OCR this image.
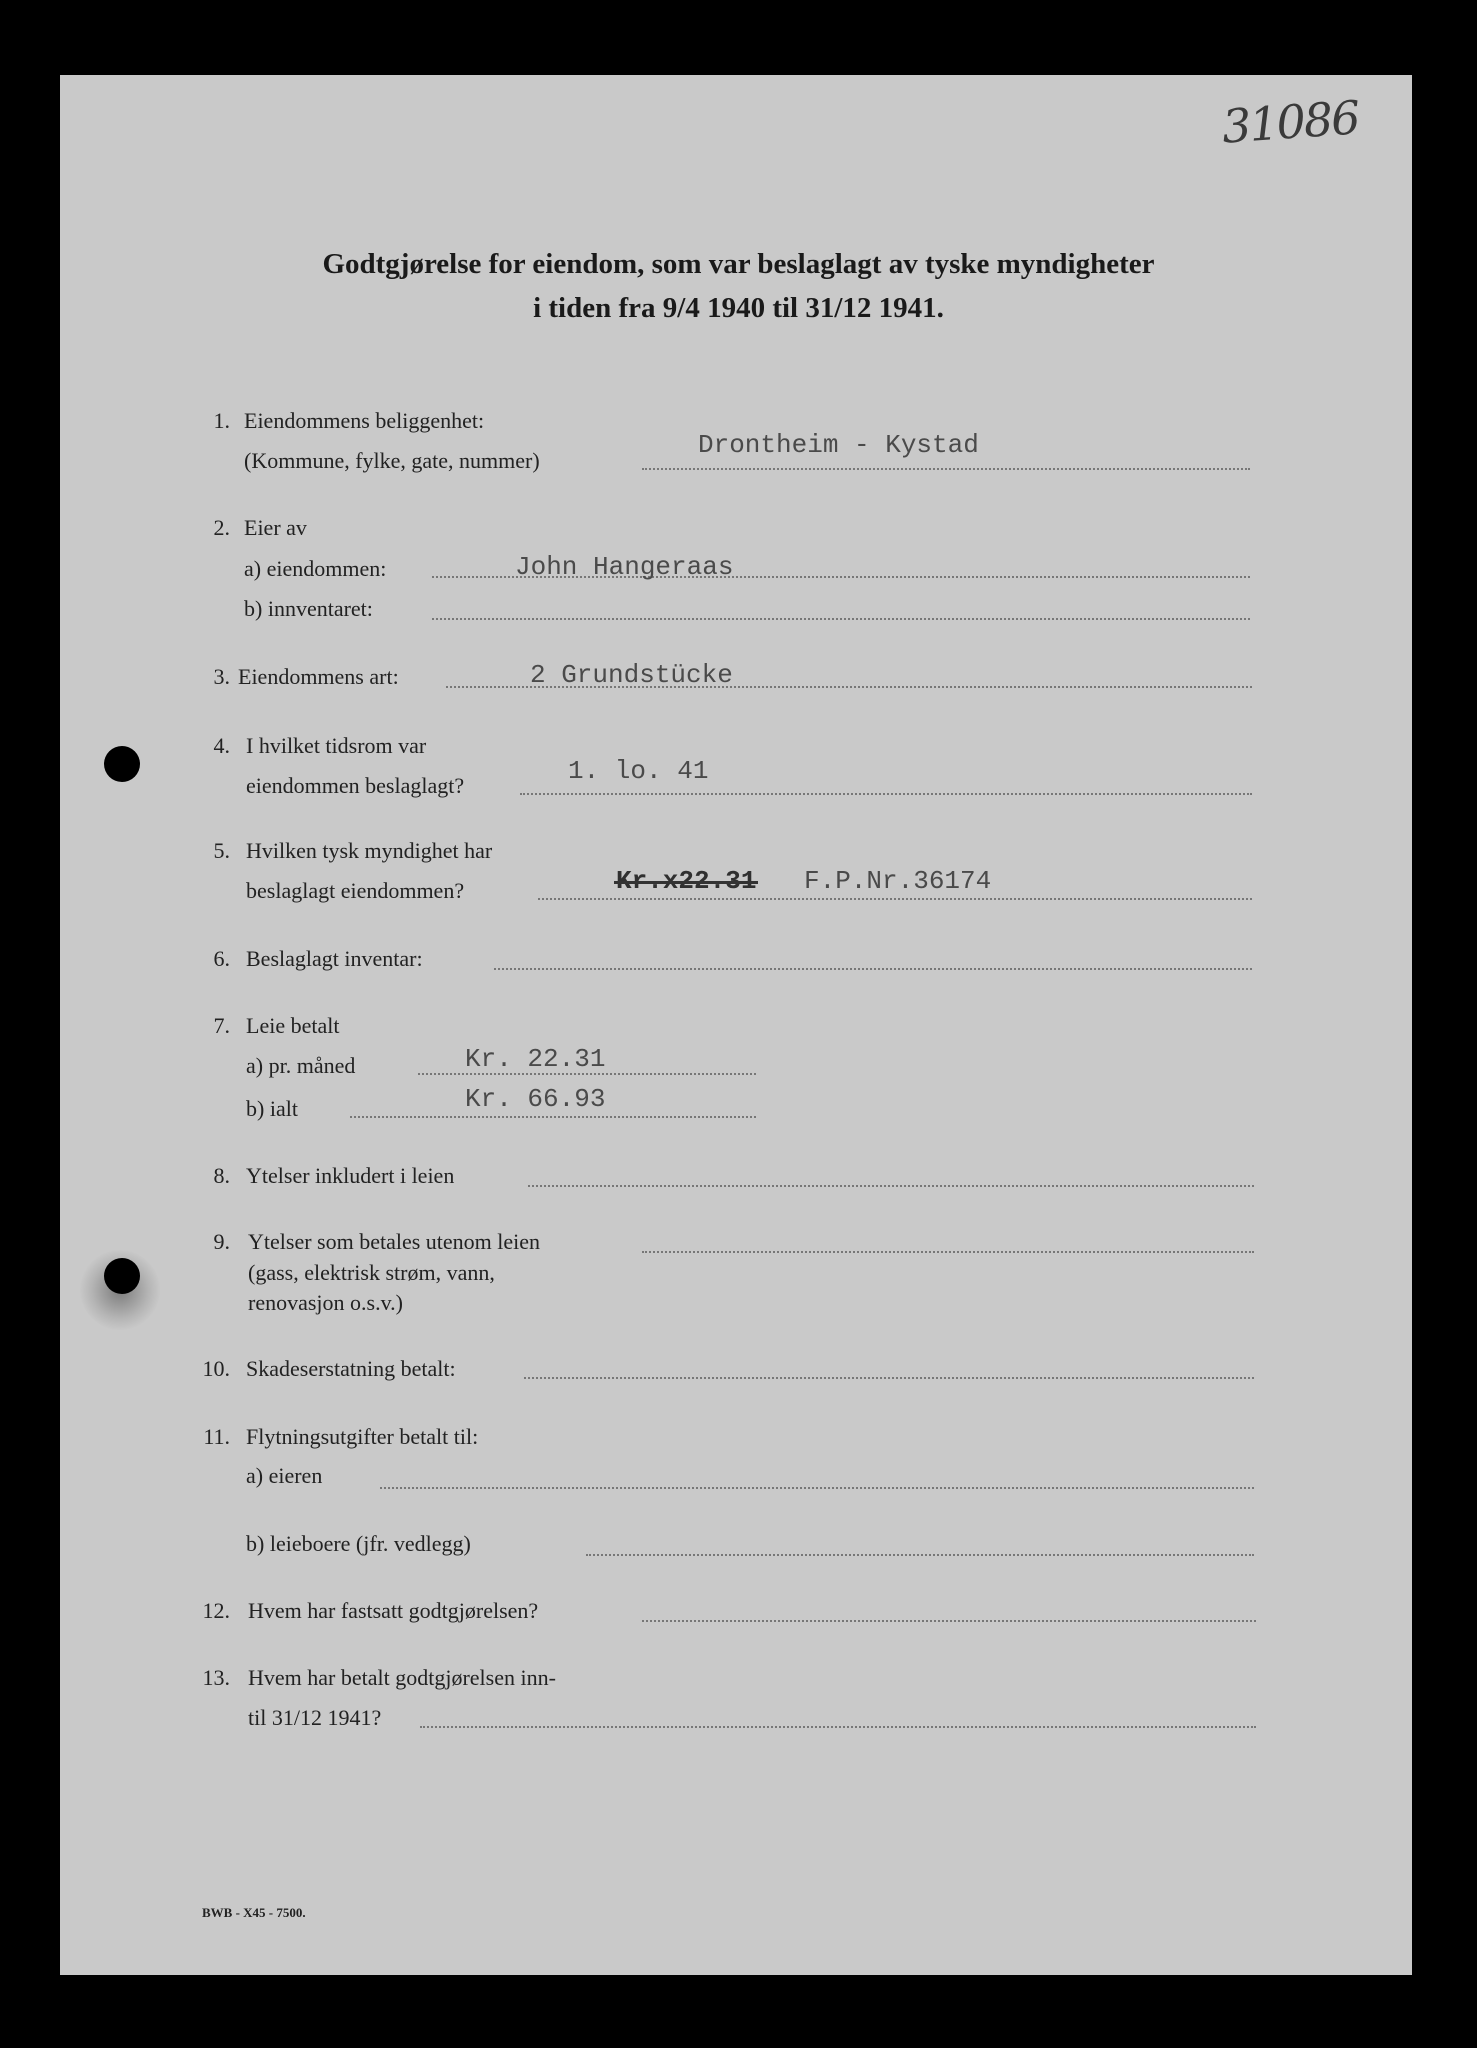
31086
Godtgjørelse for eiendom, som var beslaglagt av tyske myndigheter
i tiden fra 9/4 1940 til 31/12 1941.
1. Eiendommens beliggenhet:
(Kommune, fylke, gate, nummer)
Drontheim - Kystad
2. Eier av
a) eiendommen:	John Hangeraas
b) innventaret:
3. Eiendommens art:	2 Grundstücke
4. I hvilket tidsrom var
eiendommen beslaglagt?	1. lo. 41
5. Hvilken tysk myndighet har
beslaglagt eiendommen?	Kr.x22.31 F.P.Nr.36174
6. Beslaglagt inventar:
7. Leie betalt
a) pr. måned	Kr. 22.31
b) ialt	Kr. 66.93
8. Ytelser inkludert i leien
9. Ytelser som betales utenom leien
(gass, elektrisk strøm, vann,
renovasjon o.s.v.)
10. Skadeserstatning betalt:
11. Flytningsutgifter betalt til:
a) eieren
b) leieboere (jfr. vedlegg)
12. Hvem har fastsatt godtgjørelsen?
13. Hvem har betalt godtgjørelsen inn-
til 31/12 1941?
BWB - X45 - 7500.
